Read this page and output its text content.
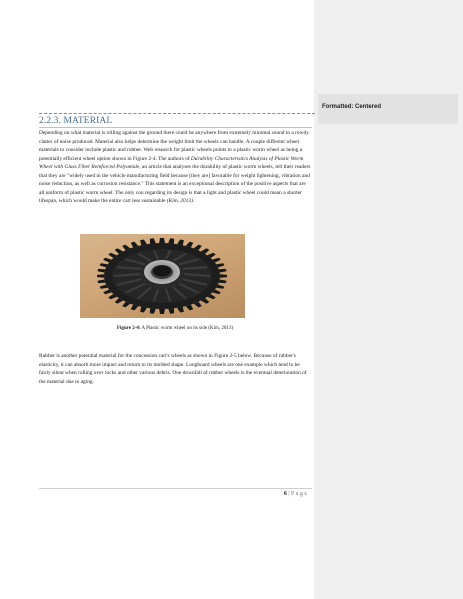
Formatted: Centered
2.2.3. MATERIAL

Depending on what material is rolling against the ground there could be anywhere from extremely minimal sound to a rowdy clatter of noise produced. Material also helps determine the weight limit the wheels can handle. A couple different wheel materials to consider include plastic and rubber. Web research for plastic wheels points to a plastic worm wheel as being a potentially efficient wheel option shown in Figure 2-4. The authors of Durability Characteristics Analysis of Plastic Worm Wheel with Glass Fiber Reinforced Polyamide, an article that analyses the durability of plastic worm wheels, tell their readers that they are "widely used in the vehicle manufacturing field because [they are] favorable for weight lightening, vibration and noise reduction, as well as corrosion resistance." This statement is an exceptional description of the positive aspects that are all uniform of plastic worm wheel. The only con regarding its design is that a light and plastic wheel could mean a shorter lifespan, which would make the entire cart less sustainable (Kim, 2013).

Figure 2-4: A Plastic worm wheel on its side (Kim, 2013)

Rubber is another potential material for the concession cart's wheels as shown in Figure 2-5 below. Because of rubber's elasticity, it can absorb more impact and return to its molded shape. Longboard wheels are one example which tend to be fairly silent when rolling over rocks and other various debris. One downfall of rubber wheels is the eventual deterioration of the material due to aging.

6 | P a g e
